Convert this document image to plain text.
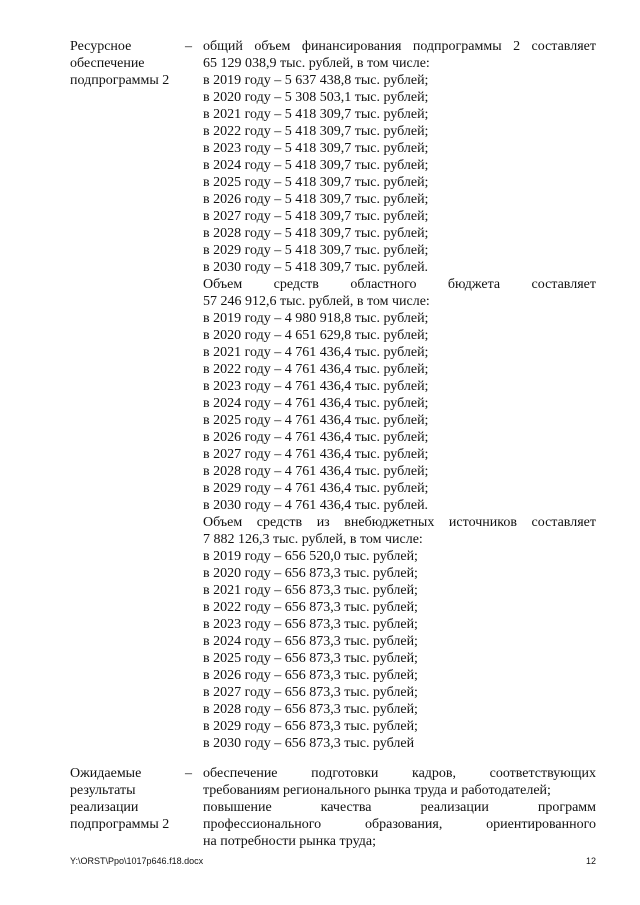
Ресурсное
обеспечение
подпрограммы 2
– общий объем финансирования подпрограммы 2 составляет
65 129 038,9 тыс. рублей, в том числе:
в 2019 году – 5 637 438,8 тыс. рублей;
в 2020 году – 5 308 503,1 тыс. рублей;
в 2021 году – 5 418 309,7 тыс. рублей;
в 2022 году – 5 418 309,7 тыс. рублей;
в 2023 году – 5 418 309,7 тыс. рублей;
в 2024 году – 5 418 309,7 тыс. рублей;
в 2025 году – 5 418 309,7 тыс. рублей;
в 2026 году – 5 418 309,7 тыс. рублей;
в 2027 году – 5 418 309,7 тыс. рублей;
в 2028 году – 5 418 309,7 тыс. рублей;
в 2029 году – 5 418 309,7 тыс. рублей;
в 2030 году – 5 418 309,7 тыс. рублей.
Объем средств областного бюджета составляет
57 246 912,6 тыс. рублей, в том числе:
в 2019 году – 4 980 918,8 тыс. рублей;
в 2020 году – 4 651 629,8 тыс. рублей;
в 2021 году – 4 761 436,4 тыс. рублей;
в 2022 году – 4 761 436,4 тыс. рублей;
в 2023 году – 4 761 436,4 тыс. рублей;
в 2024 году – 4 761 436,4 тыс. рублей;
в 2025 году – 4 761 436,4 тыс. рублей;
в 2026 году – 4 761 436,4 тыс. рублей;
в 2027 году – 4 761 436,4 тыс. рублей;
в 2028 году – 4 761 436,4 тыс. рублей;
в 2029 году – 4 761 436,4 тыс. рублей;
в 2030 году – 4 761 436,4 тыс. рублей.
Объем средств из внебюджетных источников составляет
7 882 126,3 тыс. рублей, в том числе:
в 2019 году – 656 520,0 тыс. рублей;
в 2020 году – 656 873,3 тыс. рублей;
в 2021 году – 656 873,3 тыс. рублей;
в 2022 году – 656 873,3 тыс. рублей;
в 2023 году – 656 873,3 тыс. рублей;
в 2024 году – 656 873,3 тыс. рублей;
в 2025 году – 656 873,3 тыс. рублей;
в 2026 году – 656 873,3 тыс. рублей;
в 2027 году – 656 873,3 тыс. рублей;
в 2028 году – 656 873,3 тыс. рублей;
в 2029 году – 656 873,3 тыс. рублей;
в 2030 году – 656 873,3 тыс. рублей
Ожидаемые
результаты
реализации
подпрограммы 2
– обеспечение подготовки кадров, соответствующих
требованиям регионального рынка труда и работодателей;
повышение качества реализации программ
профессионального образования, ориентированного
на потребности рынка труда;
Y:\ORST\Ppo\1017p646.f18.docx	12
